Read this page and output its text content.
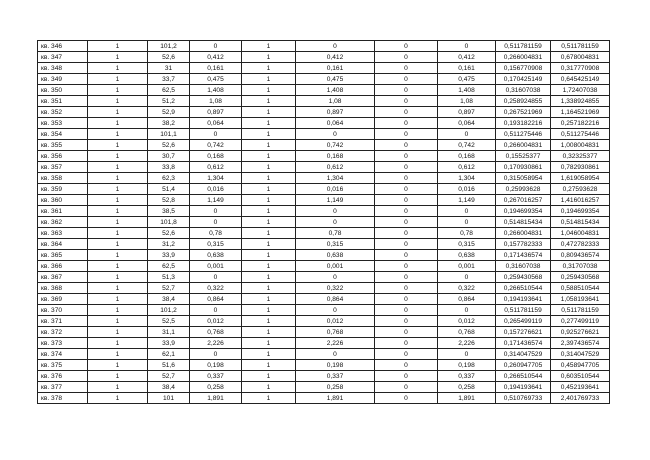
кв. 346	1	101,2	0	1	0	0	0	0,511781159	0,511781159
кв. 347	1	52,6	0,412	1	0,412	0	0,412	0,266004831	0,678004831
кв. 348	1	31	0,161	1	0,161	0	0,161	0,156770908	0,317770908
кв. 349	1	33,7	0,475	1	0,475	0	0,475	0,170425149	0,645425149
кв. 350	1	62,5	1,408	1	1,408	0	1,408	0,31607038	1,72407038
кв. 351	1	51,2	1,08	1	1,08	0	1,08	0,258924855	1,338924855
кв. 352	1	52,9	0,897	1	0,897	0	0,897	0,267521969	1,164521969
кв. 353	1	38,2	0,064	1	0,064	0	0,064	0,193182216	0,257182216
кв. 354	1	101,1	0	1	0	0	0	0,511275446	0,511275446
кв. 355	1	52,6	0,742	1	0,742	0	0,742	0,266004831	1,008004831
кв. 356	1	30,7	0,168	1	0,168	0	0,168	0,15525377	0,32325377
кв. 357	1	33,8	0,612	1	0,612	0	0,612	0,170930861	0,782930861
кв. 358	1	62,3	1,304	1	1,304	0	1,304	0,315058954	1,619058954
кв. 359	1	51,4	0,016	1	0,016	0	0,016	0,25993628	0,27593628
кв. 360	1	52,8	1,149	1	1,149	0	1,149	0,267016257	1,416016257
кв. 361	1	38,5	0	1	0	0	0	0,194699354	0,194699354
кв. 362	1	101,8	0	1	0	0	0	0,514815434	0,514815434
кв. 363	1	52,6	0,78	1	0,78	0	0,78	0,266004831	1,046004831
кв. 364	1	31,2	0,315	1	0,315	0	0,315	0,157782333	0,472782333
кв. 365	1	33,9	0,638	1	0,638	0	0,638	0,171436574	0,809436574
кв. 366	1	62,5	0,001	1	0,001	0	0,001	0,31607038	0,31707038
кв. 367	1	51,3	0	1	0	0	0	0,259430568	0,259430568
кв. 368	1	52,7	0,322	1	0,322	0	0,322	0,266510544	0,588510544
кв. 369	1	38,4	0,864	1	0,864	0	0,864	0,194193641	1,058193641
кв. 370	1	101,2	0	1	0	0	0	0,511781159	0,511781159
кв. 371	1	52,5	0,012	1	0,012	0	0,012	0,265499119	0,277499119
кв. 372	1	31,1	0,768	1	0,768	0	0,768	0,157276621	0,925276621
кв. 373	1	33,9	2,226	1	2,226	0	2,226	0,171436574	2,397436574
кв. 374	1	62,1	0	1	0	0	0	0,314047529	0,314047529
кв. 375	1	51,6	0,198	1	0,198	0	0,198	0,260947705	0,458947705
кв. 376	1	52,7	0,337	1	0,337	0	0,337	0,266510544	0,603510544
кв. 377	1	38,4	0,258	1	0,258	0	0,258	0,194193641	0,452193641
кв. 378	1	101	1,891	1	1,891	0	1,891	0,510769733	2,401769733
